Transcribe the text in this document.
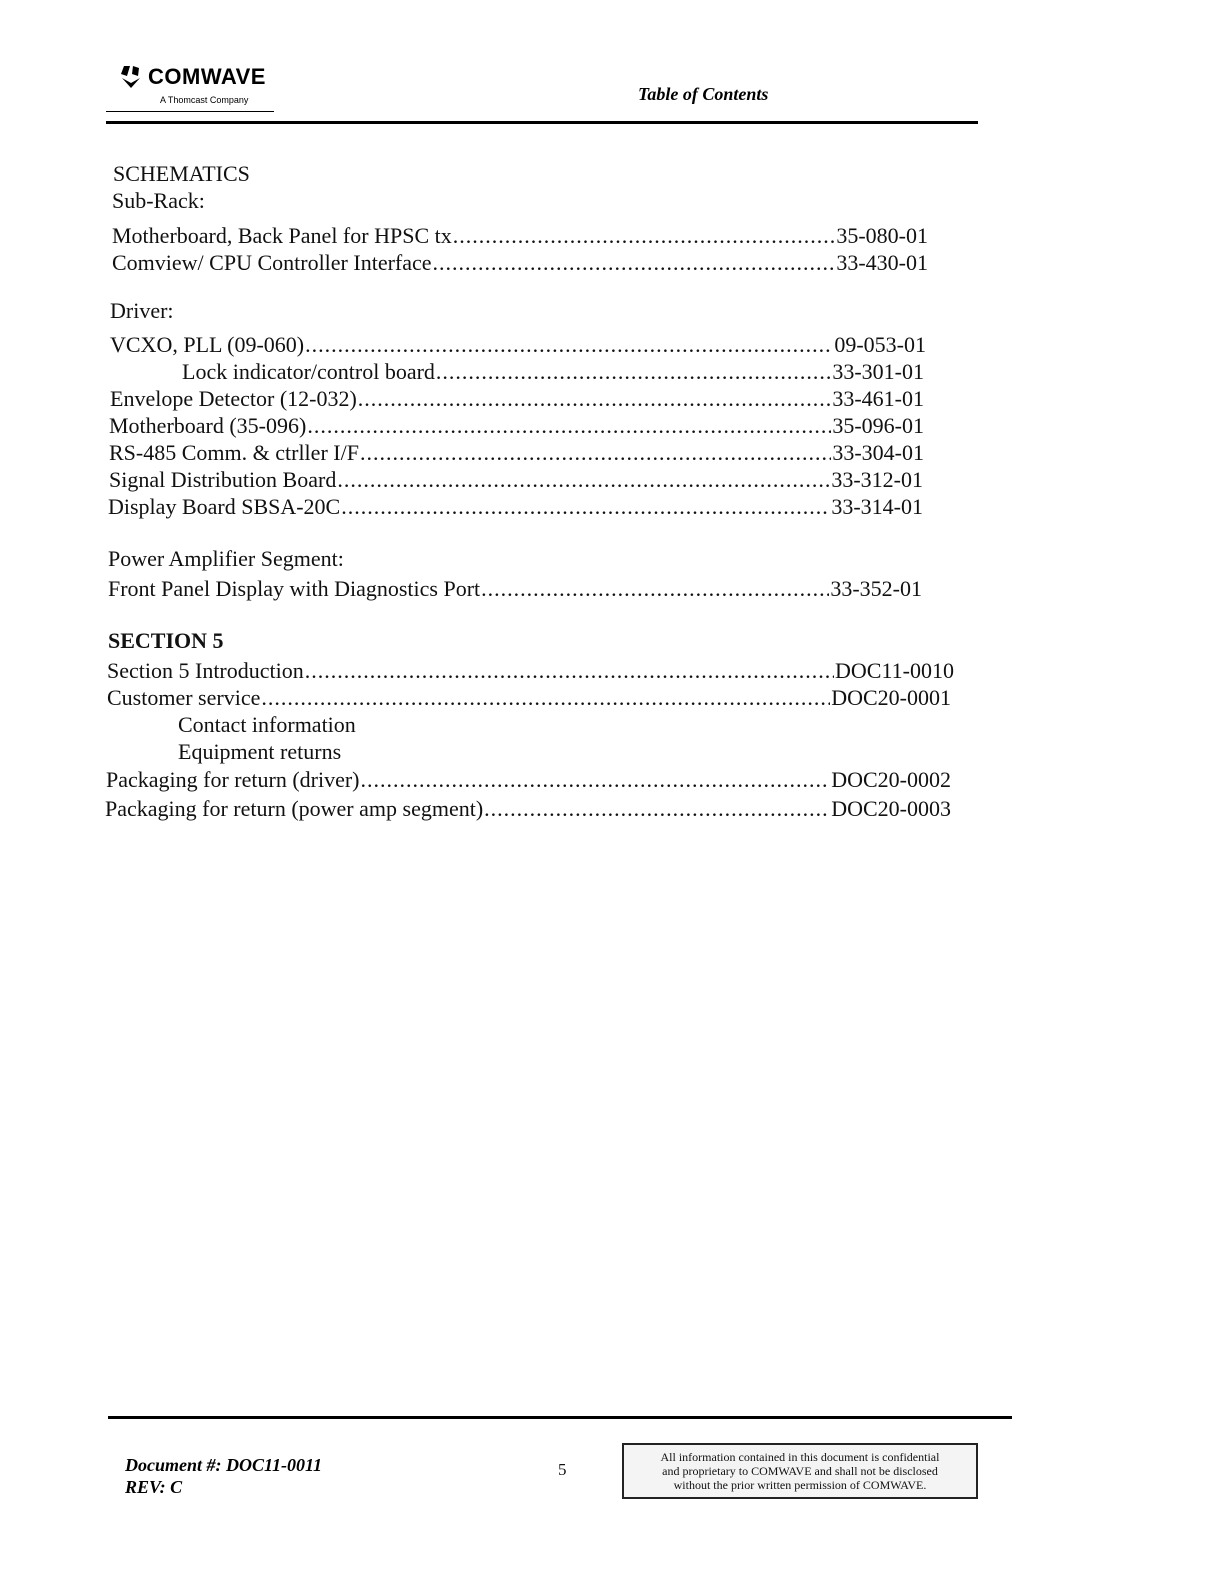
COMWAVE
A Thomcast Company	Table of Contents
SCHEMATICS
Sub-Rack:
Motherboard, Back Panel for HPSC tx .....	35-080-01
Comview/ CPU Controller Interface .....	33-430-01
Driver:
VCXO, PLL (09-060) .....	09-053-01
Lock indicator/control board .....	33-301-01
Envelope Detector (12-032) .....	33-461-01
Motherboard (35-096) .....	35-096-01
RS-485 Comm. & ctrller I/F .....	33-304-01
Signal Distribution Board .....	33-312-01
Display Board SBSA-20C .....	33-314-01
Power Amplifier Segment:
Front Panel Display with Diagnostics Port .....	33-352-01
SECTION 5
Section 5 Introduction .....	DOC11-0010
Customer service .....	DOC20-0001
Contact information
Equipment returns
Packaging for return (driver) .....	DOC20-0002
Packaging for return (power amp segment) .....	DOC20-0003
Document #: DOC11-0011
REV: C
5
All information contained in this document is confidential
and proprietary to COMWAVE and shall not be disclosed
without the prior written permission of COMWAVE.
